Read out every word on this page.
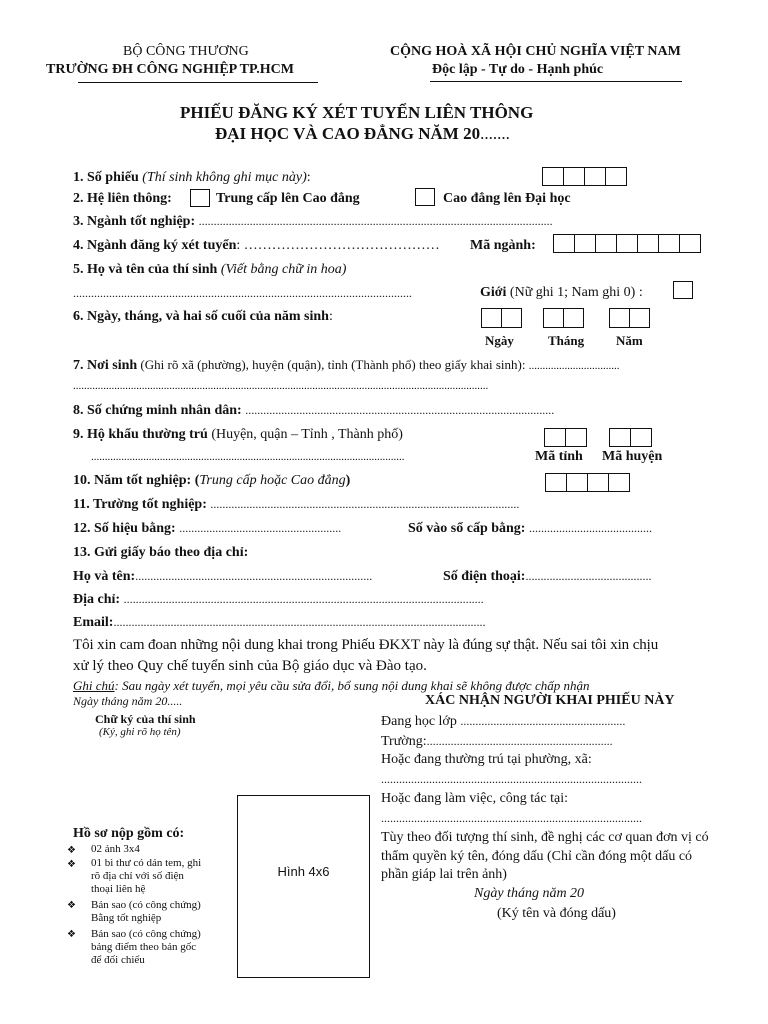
BỘ CÔNG THƯƠNG
TRƯỜNG ĐH CÔNG NGHIỆP TP.HCM
CỘNG HOÀ XÃ HỘI CHỦ NGHĨA VIỆT NAM
Độc lập - Tự do - Hạnh phúc
PHIẾU ĐĂNG KÝ XÉT TUYỂN LIÊN THÔNG
ĐẠI HỌC VÀ CAO ĐẲNG NĂM 20.......
1. Số phiếu (Thí sinh không ghi mục này):
2. Hệ liên thông:	Trung cấp lên Cao đẳng	Cao đẳng lên Đại học
3. Ngành tốt nghiệp: ......................................................................................................................
4. Ngành đăng ký xét tuyển: …………………………………… Mã ngành:
5. Họ và tên của thí sinh (Viết bằng chữ in hoa)
.................................................................................................................	Giới (Nữ ghi 1; Nam ghi 0) :
6. Ngày, tháng, và hai số cuối của năm sinh:
Ngày	Tháng Năm
7. Nơi sinh (Ghi rõ xã (phường), huyện (quận), tỉnh (Thành phố) theo giấy khai sinh): .................................
.......................................................................................................................................................
8. Số chứng minh nhân dân: .......................................................................................................
9. Hộ khẩu thường trú (Huyện, quận – Tỉnh , Thành phố)
..................................................................................................................	Mã tỉnh Mã huyện
10. Năm tốt nghiệp: (Trung cấp hoặc Cao đẳng)
11. Trường tốt nghiệp: .......................................................................................................
12. Số hiệu bằng: ......................................................	Số vào sổ cấp bằng: .........................................
13. Gửi giấy báo theo địa chỉ:
Họ và tên:...............................................................................	Số điện thoại:..........................................
Địa chỉ: ........................................................................................................................
Email:............................................................................................................................
Tôi xin cam đoan những nội dung khai trong Phiếu ĐKXT này là đúng sự thật. Nếu sai tôi xin chịu
xử lý theo Quy chế tuyển sinh của Bộ giáo dục và Đào tạo.
Ghi chú: Sau ngày xét tuyển, mọi yêu cầu sửa đổi, bổ sung nội dung khai sẽ không được chấp nhận
Ngày tháng năm 20.....
Chữ ký của thí sinh
(Ký, ghi rõ họ tên)
XÁC NHẬN NGƯỜI KHAI PHIẾU NÀY
Đang học lớp .......................................................
Trường:..............................................................
Hoặc đang thường trú tại phường, xã:
.......................................................................................
Hoặc đang làm việc, công tác tại:
.......................................................................................
Tùy theo đối tượng thí sinh, đề nghị các cơ quan đơn vị có
thẩm quyền ký tên, đóng dấu (Chỉ cần đóng một dấu có
phần giáp lai trên ảnh)
Ngày tháng năm 20
(Ký tên và đóng dấu)
Hình 4x6
Hồ sơ nộp gồm có:
❖ 02 ảnh 3x4
❖ 01 bì thư có dán tem, ghi
rõ địa chỉ với số điện
thoại liên hệ
❖ Bản sao (có công chứng)
Bằng tốt nghiệp
❖ Bản sao (có công chứng)
bảng điểm theo bản gốc
để đối chiếu
